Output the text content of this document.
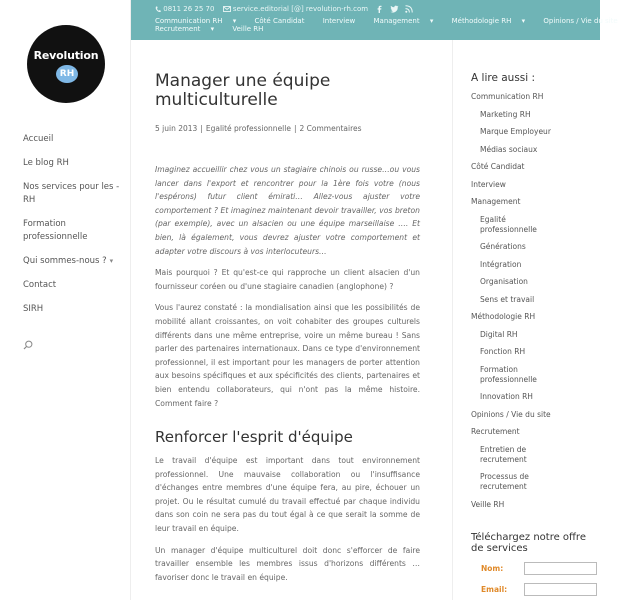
Revolution
RH
Accueil
Le blog RH
Nos services pour les -
RH
Formation
professionnelle
Qui sommes-nous ? ▾
Contact
SIRH
0811 26 25 70	service.editorial [@] revolution-rh.com
Communication RH ▾	Côté Candidat	Interview	Management ▾	Méthodologie RH ▾	Opinions / Vie du site
Recrutement ▾	Veille RH
Manager une équipe
multiculturelle
5 juin 2013 | Egalité professionnelle | 2 Commentaires
Imaginez accueillir chez vous un stagiaire chinois ou russe…ou vous lancer dans l'export et rencontrer pour la 1ère fois votre (nous l'espérons) futur client émirati… Allez-vous ajuster votre comportement ? Et imaginez maintenant devoir travailler, vos breton (par exemple), avec un alsacien ou une équipe marseillaise …. Et bien, là également, vous devrez ajuster votre comportement et adapter votre discours à vos interlocuteurs…
Mais pourquoi ? Et qu'est-ce qui rapproche un client alsacien d'un fournisseur coréen ou d'une stagiaire canadien (anglophone) ?
Vous l'aurez constaté : la mondialisation ainsi que les possibilités de mobilité allant croissantes, on voit cohabiter des groupes culturels différents dans une même entreprise, voire un même bureau ! Sans parler des partenaires internationaux. Dans ce type d'environnement professionnel, il est important pour les managers de porter attention aux besoins spécifiques et aux spécificités des clients, partenaires et bien entendu collaborateurs, qui n'ont pas la même histoire. Comment faire ?
Renforcer l'esprit d'équipe
Le travail d'équipe est important dans tout environnement professionnel. Une mauvaise collaboration ou l'insuffisance d'échanges entre membres d'une équipe fera, au pire, échouer un projet. Ou le résultat cumulé du travail effectué par chaque individu dans son coin ne sera pas du tout égal à ce que serait la somme de leur travail en équipe.
Un manager d'équipe multiculturel doit donc s'efforcer de faire travailler ensemble les membres issus d'horizons différents … favoriser donc le travail en équipe.
A lire aussi :
Communication RH
Marketing RH
Marque Employeur
Médias sociaux
Côté Candidat
Interview
Management
Egalité professionnelle
Générations
Intégration
Organisation
Sens et travail
Méthodologie RH
Digital RH
Fonction RH
Formation professionnelle
Innovation RH
Opinions / Vie du site
Recrutement
Entretien de recrutement
Processus de recrutement
Veille RH
Téléchargez notre offre de services
Nom:
Email:
